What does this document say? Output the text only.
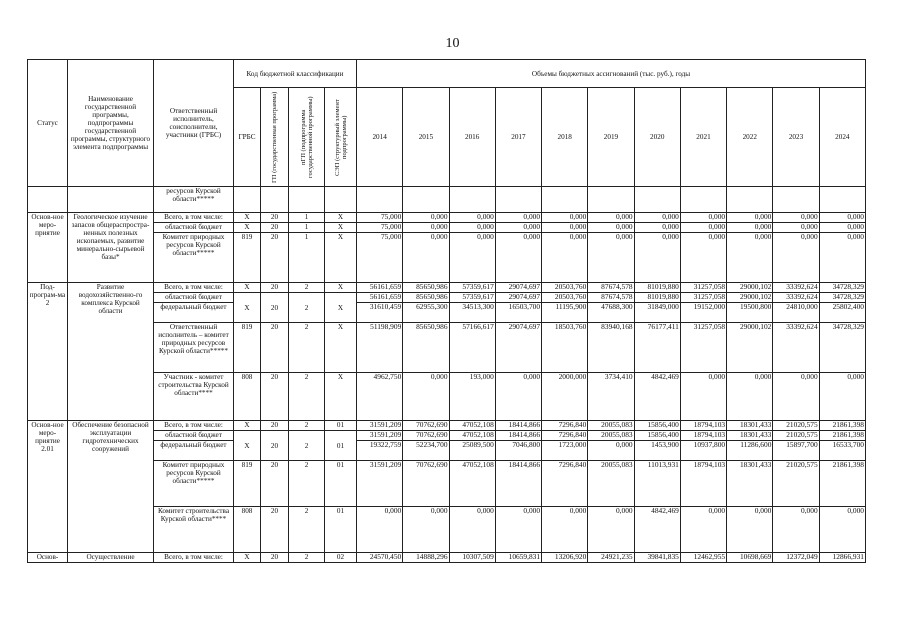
10
Статус	Наименование государственной программы, подпрограммы государственной программы, структурного элемента подпрограммы	Ответственный исполнитель, соисполнители, участники (ГРБС)	Код бюджетной классификации				Объемы бюджетных ассигнований (тыс. руб.), годы										
			ГРБС	ГП (государственная программа)	пГП (подпрограмма государственной программы)	СЭП (структурный элемент подпрограммы)	2014	2015	2016	2017	2018	2019	2020	2021	2022	2023	2024
		ресурсов Курской области*****															
Основ-ное меро-приятие	Геологическое изучение запасов общераспростра-ненных полезных ископаемых, развитие минерально-сырьевой базы*	Всего, в том числе:	X	20	1	X	75,000	0,000	0,000	0,000	0,000	0,000	0,000	0,000	0,000	0,000	0,000
		областной бюджет	X	20	1	X	75,000	0,000	0,000	0,000	0,000	0,000	0,000	0,000	0,000	0,000	0,000
		Комитет природных ресурсов Курской области*****	819	20	1	X	75,000	0,000	0,000	0,000	0,000	0,000	0,000	0,000	0,000	0,000	0,000
Под-програм-ма 2	Развитие водохозяйственно-го комплекса Курской области	Всего, в том числе:	X	20	2	X	56161,659	85650,986	57359,617	29074,697	20503,760	87674,578	81019,880	31257,058	29000,102	33392,624	34728,329
		областной бюджет	X	20	2	X	56161,659	85650,986	57359,617	29074,697	20503,760	87674,578	81019,880	31257,058	29000,102	33392,624	34728,329
		федеральный бюджет					31610,459	62955,300	34513,300	16503,700	11195,900	47688,300	31849,000	19152,000	19500,800	24810,000	25802,400
		Ответственный исполнитель – комитет природных ресурсов Курской области*****	819	20	2	X	51198,909	85650,986	57166,617	29074,697	18503,760	83940,168	76177,411	31257,058	29000,102	33392,624	34728,329
		Участник - комитет строительства Курской области****	808	20	2	X	4962,750	0,000	193,000	0,000	2000,000	3734,410	4842,469	0,000	0,000	0,000	0,000
Основ-ное меро-приятие 2.01	Обеспечение безопасной эксплуатации гидротехнических сооружений	Всего, в том числе:	X	20	2	01	31591,209	70762,690	47052,108	18414,866	7296,840	20055,083	15856,400	18794,103	18301,433	21020,575	21861,398
		областной бюджет	X	20	2	01	31591,209	70762,690	47052,108	18414,866	7296,840	20055,083	15856,400	18794,103	18301,433	21020,575	21861,398
		федеральный бюджет					19322,759	52234,700	25089,500	7046,800	1723,000	0,000	1453,900	10937,800	11286,600	15897,700	16533,700
		Комитет природных ресурсов Курской области*****	819	20	2	01	31591,209	70762,690	47052,108	18414,866	7296,840	20055,083	11013,931	18794,103	18301,433	21020,575	21861,398
		Комитет строительства Курской области****	808	20	2	01	0,000	0,000	0,000	0,000	0,000	0,000	4842,469	0,000	0,000	0,000	0,000
Основ-	Осуществление	Всего, в том числе:	X	20	2	02	24570,450	14888,296	10307,509	10659,831	13206,920	24921,235	39841,835	12462,955	10698,669	12372,049	12866,931
